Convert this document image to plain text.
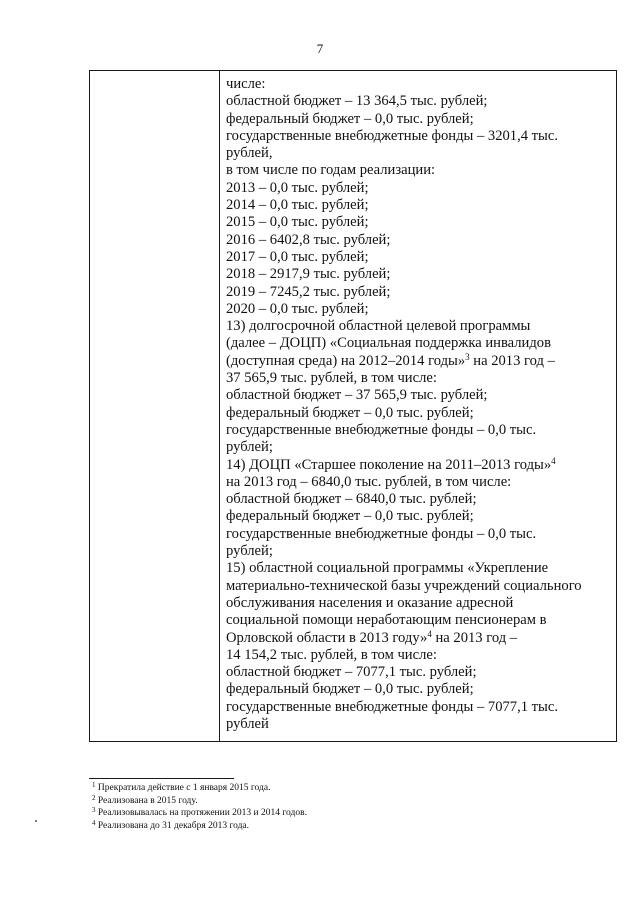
7
числе:
областной бюджет – 13 364,5 тыс. рублей;
федеральный бюджет – 0,0 тыс. рублей;
государственные внебюджетные фонды – 3201,4 тыс.
рублей,
в том числе по годам реализации:
2013 – 0,0 тыс. рублей;
2014 – 0,0 тыс. рублей;
2015 – 0,0 тыс. рублей;
2016 – 6402,8 тыс. рублей;
2017 – 0,0 тыс. рублей;
2018 – 2917,9 тыс. рублей;
2019 – 7245,2 тыс. рублей;
2020 – 0,0 тыс. рублей;
13) долгосрочной областной целевой программы
(далее – ДОЦП) «Социальная поддержка инвалидов
(доступная среда) на 2012–2014 годы»$^3$ на 2013 год –
37 565,9 тыс. рублей, в том числе:
областной бюджет – 37 565,9 тыс. рублей;
федеральный бюджет – 0,0 тыс. рублей;
государственные внебюджетные фонды – 0,0 тыс.
рублей;
14) ДОЦП «Старшее поколение на 2011–2013 годы»$^4$
на 2013 год – 6840,0 тыс. рублей, в том числе:
областной бюджет – 6840,0 тыс. рублей;
федеральный бюджет – 0,0 тыс. рублей;
государственные внебюджетные фонды – 0,0 тыс.
рублей;
15) областной социальной программы «Укрепление
материально-технической базы учреждений социального
обслуживания населения и оказание адресной
социальной помощи неработающим пенсионерам в
Орловской области в 2013 году»$^4$ на 2013 год –
14 154,2 тыс. рублей, в том числе:
областной бюджет – 7077,1 тыс. рублей;
федеральный бюджет – 0,0 тыс. рублей;
государственные внебюджетные фонды – 7077,1 тыс.
рублей
$^1$ Прекратила действие с 1 января 2015 года.
$^2$ Реализована в 2015 году.
$^3$ Реализовывалась на протяжении 2013 и 2014 годов.
$^4$ Реализована до 31 декабря 2013 года.
